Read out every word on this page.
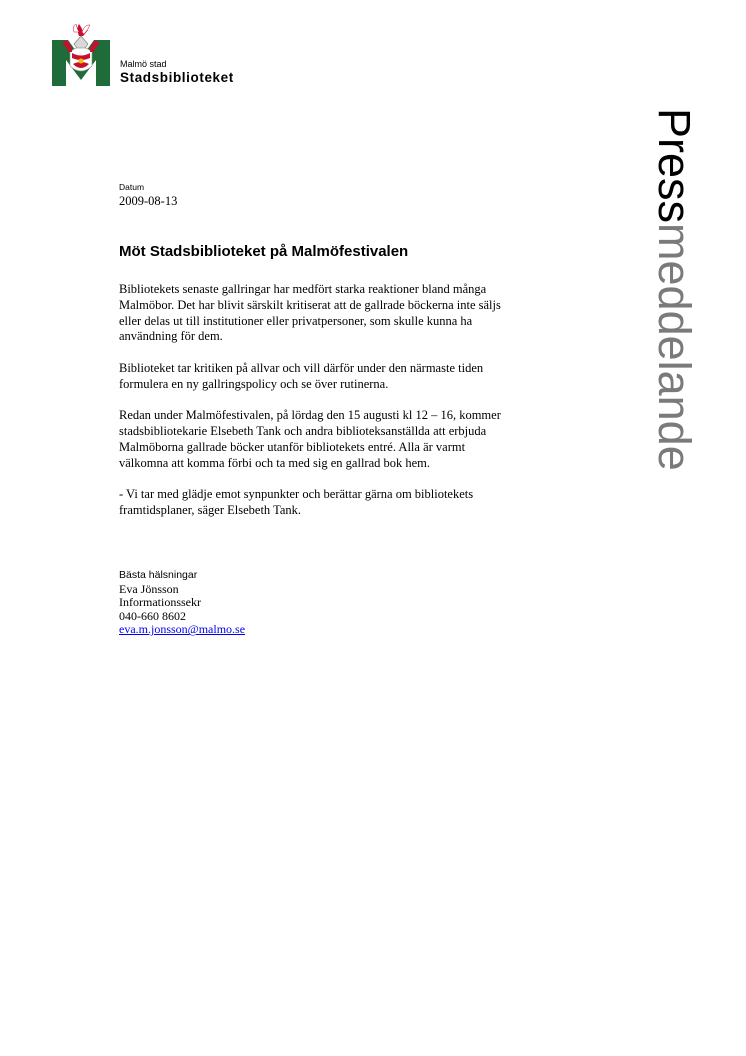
Malmö stad
Stadsbiblioteket
Pressmeddelande
Datum
2009-08-13
Möt Stadsbiblioteket på Malmöfestivalen

Bibliotekets senaste gallringar har medfört starka reaktioner bland många
Malmöbor. Det har blivit särskilt kritiserat att de gallrade böckerna inte säljs
eller delas ut till institutioner eller privatpersoner, som skulle kunna ha
användning för dem.

Biblioteket tar kritiken på allvar och vill därför under den närmaste tiden
formulera en ny gallringspolicy och se över rutinerna.

Redan under Malmöfestivalen, på lördag den 15 augusti kl 12 – 16, kommer
stadsbibliotekarie Elsebeth Tank och andra biblioteksanställda att erbjuda
Malmöborna gallrade böcker utanför bibliotekets entré. Alla är varmt
välkomna att komma förbi och ta med sig en gallrad bok hem.

- Vi tar med glädje emot synpunkter och berättar gärna om bibliotekets
framtidsplaner, säger Elsebeth Tank.

Bästa hälsningar
Eva Jönsson
Informationssekr
040-660 8602
eva.m.jonsson@malmo.se
